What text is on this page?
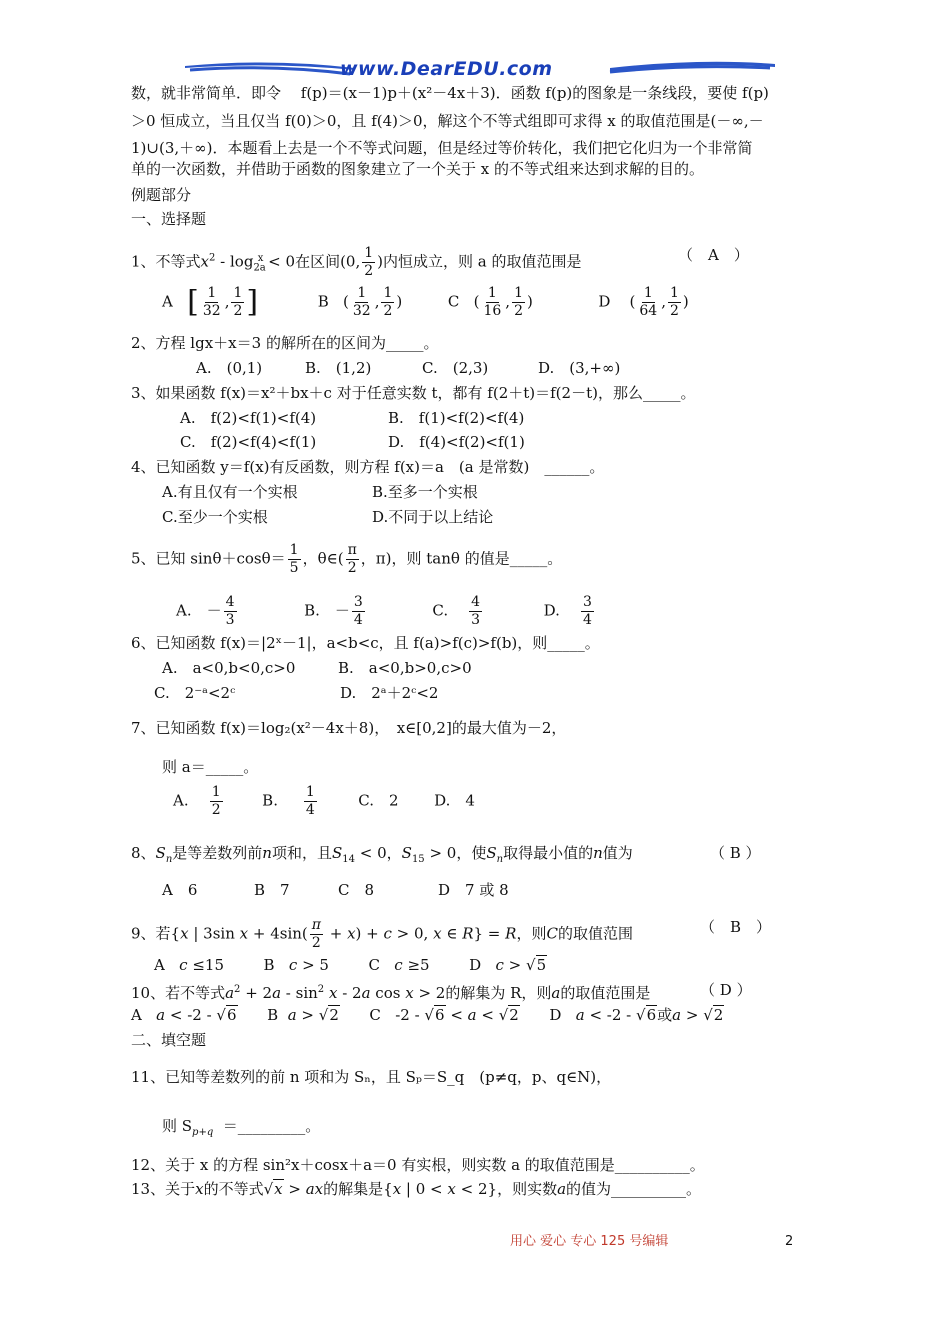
www.DearEDU.com
数，就非常简单．即令　 f(p)＝(x－1)p＋(x²－4x＋3)．函数 f(p)的图象是一条线段，要使 f(p)
＞0 恒成立，当且仅当 f(0)＞0，且 f(4)＞0，解这个不等式组即可求得 x 的取值范围是(－∞,－
1)∪(3,＋∞)．本题看上去是一个不等式问题，但是经过等价转化，我们把它化归为一个非常简
单的一次函数，并借助于函数的图象建立了一个关于 x 的不等式组来达到求解的目的。
例题部分
一、选择题
1、不等式$x^2 - \log_{2a}^x < 0$在区间(0, $\frac{1}{2}$ )内恒成立，则 a 的取值范围是	（　A　）
A [ $\frac{1}{32}$ , $\frac{1}{2}$ ]	B   ( $\frac{1}{32}$ , $\frac{1}{2}$ )	C   ( $\frac{1}{16}$ , $\frac{1}{2}$ )	D    ( $\frac{1}{64}$ , $\frac{1}{2}$ )
2、方程 lgx＋x＝3 的解所在的区间为_____。
A.　(0,1)	B.　(1,2)	C.　(2,3)	D.　(3,+∞)
3、如果函数 f(x)＝x²＋bx＋c 对于任意实数 t，都有 f(2＋t)＝f(2－t)，那么_____。
A.　f(2)<f(1)<f(4)	B.　f(1)<f(2)<f(4)
C.　f(2)<f(4)<f(1)	D.　f(4)<f(2)<f(1)
4、已知函数 y＝f(x)有反函数，则方程 f(x)＝a　(a 是常数)　______。
A.有且仅有一个实根	B.至多一个实根
C.至少一个实根	D.不同于以上结论
5、已知 $\sin\theta+\cos\theta= \frac{1}{5}$ ，θ∈( $\frac{\pi}{2}$ ，π)，则 tanθ 的值是_____。
A.　－ $\frac{4}{3}$	B.　－ $\frac{3}{4}$	C. $\frac{4}{3}$	D. $\frac{3}{4}$
6、已知函数 f(x)＝|2ˣ－1|，a<b<c，且 f(a)>f(c)>f(b)，则_____。
A.　a<0,b<0,c>0	B.　a<0,b>0,c>0
C.　2⁻ᵃ<2ᶜ	D.　2ᵃ＋2ᶜ<2
7、已知函数 f(x)＝log₂(x²－4x＋8)，　x∈[0,2]的最大值为－2，
则 a＝_____。
A. $\frac{1}{2}$	B. $\frac{1}{4}$	C.　2 D.　4
8、$S_n$是等差数列前n项和，且$S_{14} < 0$，$S_{15} > 0$，使$S_n$取得最小值的n值为	（ B ）
A　6	B　7	C　8	D　7 或 8
9、若{x | 3sin $x + 4\sin( \frac{\pi}{2} + x) + c > 0$, x ∈ R} = R，则C的取值范围	（　B　）
A c ≤15  B c > 5  C c ≥5  D c > √5
10、若不等式$a^2 + 2a - \sin^2 x - 2a$ cos x > 2的解集为 R，则a的取值范围是	（ D ）
A a < -2 - √6 B a > √2 C   -2 - √6 < a < √2 D a < -2 - √6或a > √2
二、填空题
11、已知等差数列的前 n 项和为 Sₙ，且 Sₚ＝S_q　(p≠q，p、q∈N)，
则 $S_{p+q}$ ＝_________。
12、关于 x 的方程 sin²x＋cosx＋a＝0 有实根，则实数 a 的取值范围是__________。
13、关于x的不等式√x > ax的解集是{x | 0 < x < 2}，则实数a的值为__________。
用心 爱心 专心 125 号编辑	2
